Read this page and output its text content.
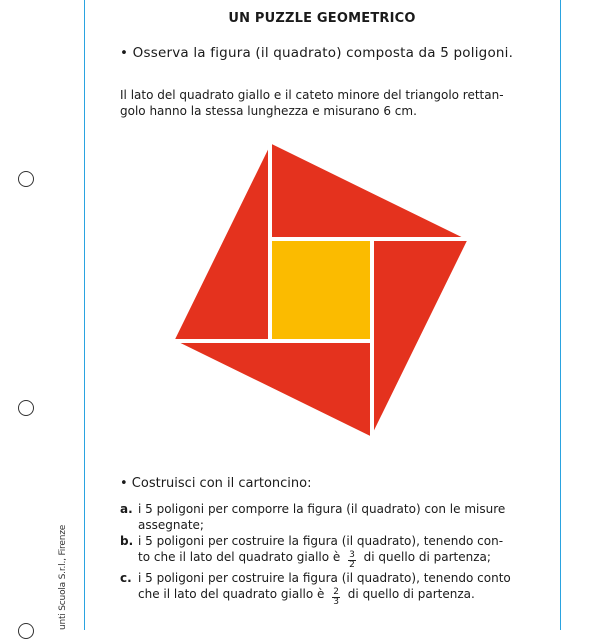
unti Scuola S.r.l., Firenze
UN PUZZLE GEOMETRICO
• Osserva la figura (il quadrato) composta da 5 poligoni.
Il lato del quadrato giallo e il cateto minore del triangolo rettan-
golo hanno la stessa lunghezza e misurano 6 cm.
• Costruisci con il cartoncino:
a. i 5 poligoni per comporre la figura (il quadrato) con le misure
assegnate;
b. i 5 poligoni per costruire la figura (il quadrato), tenendo con-
to che il lato del quadrato giallo è $\frac{3}{2}$ di quello di partenza;
c. i 5 poligoni per costruire la figura (il quadrato), tenendo conto
che il lato del quadrato giallo è $\frac{2}{3}$ di quello di partenza.
